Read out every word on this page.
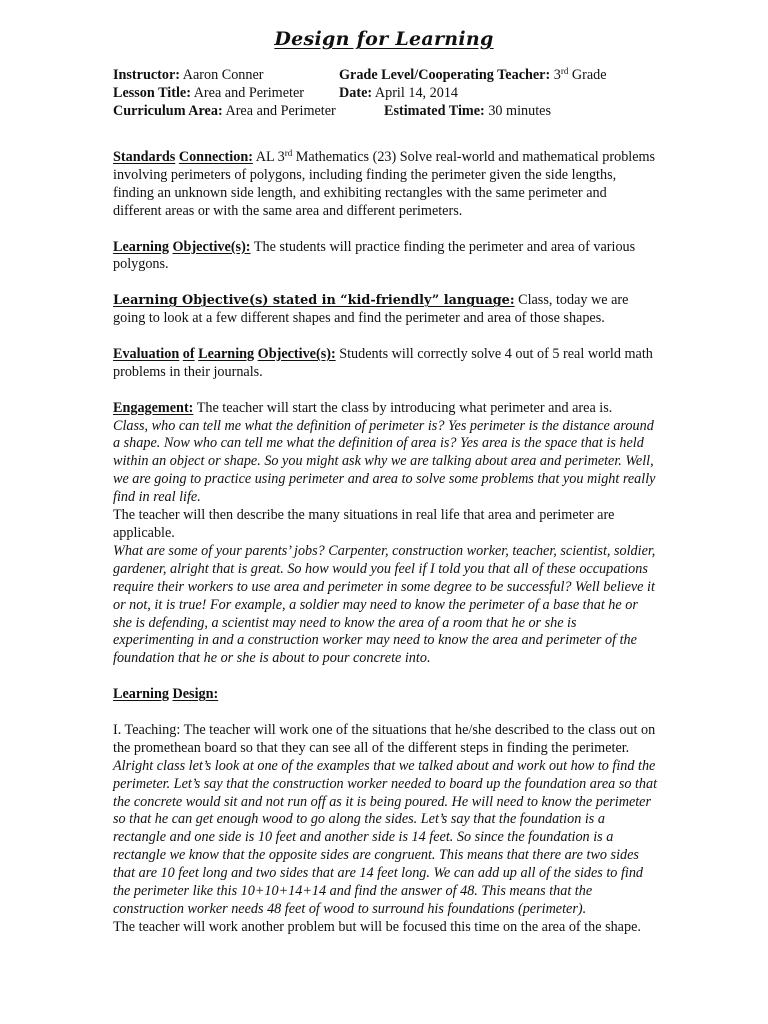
Design for Learning
Instructor: Aaron Conner	Grade Level/Cooperating Teacher: 3rd Grade
Lesson Title: Area and Perimeter Date: April 14, 2014
Curriculum Area: Area and Perimeter	Estimated Time: 30 minutes

Standards Connection: AL 3rd Mathematics (23) Solve real-world and mathematical problems involving perimeters of polygons, including finding the perimeter given the side lengths, finding an unknown side length, and exhibiting rectangles with the same perimeter and different areas or with the same area and different perimeters.

Learning Objective(s): The students will practice finding the perimeter and area of various polygons.

Learning Objective(s) stated in “kid-friendly” language: Class, today we are going to look at a few different shapes and find the perimeter and area of those shapes.

Evaluation of Learning Objective(s): Students will correctly solve 4 out of 5 real world math problems in their journals.

Engagement: The teacher will start the class by introducing what perimeter and area is.

Class, who can tell me what the definition of perimeter is? Yes perimeter is the distance around a shape. Now who can tell me what the definition of area is? Yes area is the space that is held within an object or shape. So you might ask why we are talking about area and perimeter. Well, we are going to practice using perimeter and area to solve some problems that you might really find in real life.

The teacher will then describe the many situations in real life that area and perimeter are applicable.

What are some of your parents’ jobs? Carpenter, construction worker, teacher, scientist, soldier, gardener, alright that is great. So how would you feel if I told you that all of these occupations require their workers to use area and perimeter in some degree to be successful? Well believe it or not, it is true! For example, a soldier may need to know the perimeter of a base that he or she is defending, a scientist may need to know the area of a room that he or she is experimenting in and a construction worker may need to know the area and perimeter of the foundation that he or she is about to pour concrete into.

Learning Design:

I. Teaching: The teacher will work one of the situations that he/she described to the class out on the promethean board so that they can see all of the different steps in finding the perimeter.

Alright class let’s look at one of the examples that we talked about and work out how to find the perimeter. Let’s say that the construction worker needed to board up the foundation area so that the concrete would sit and not run off as it is being poured. He will need to know the perimeter so that he can get enough wood to go along the sides. Let’s say that the foundation is a rectangle and one side is 10 feet and another side is 14 feet. So since the foundation is a rectangle we know that the opposite sides are congruent. This means that there are two sides that are 10 feet long and two sides that are 14 feet long. We can add up all of the sides to find the perimeter like this 10+10+14+14 and find the answer of 48. This means that the construction worker needs 48 feet of wood to surround his foundations (perimeter).

The teacher will work another problem but will be focused this time on the area of the shape.
